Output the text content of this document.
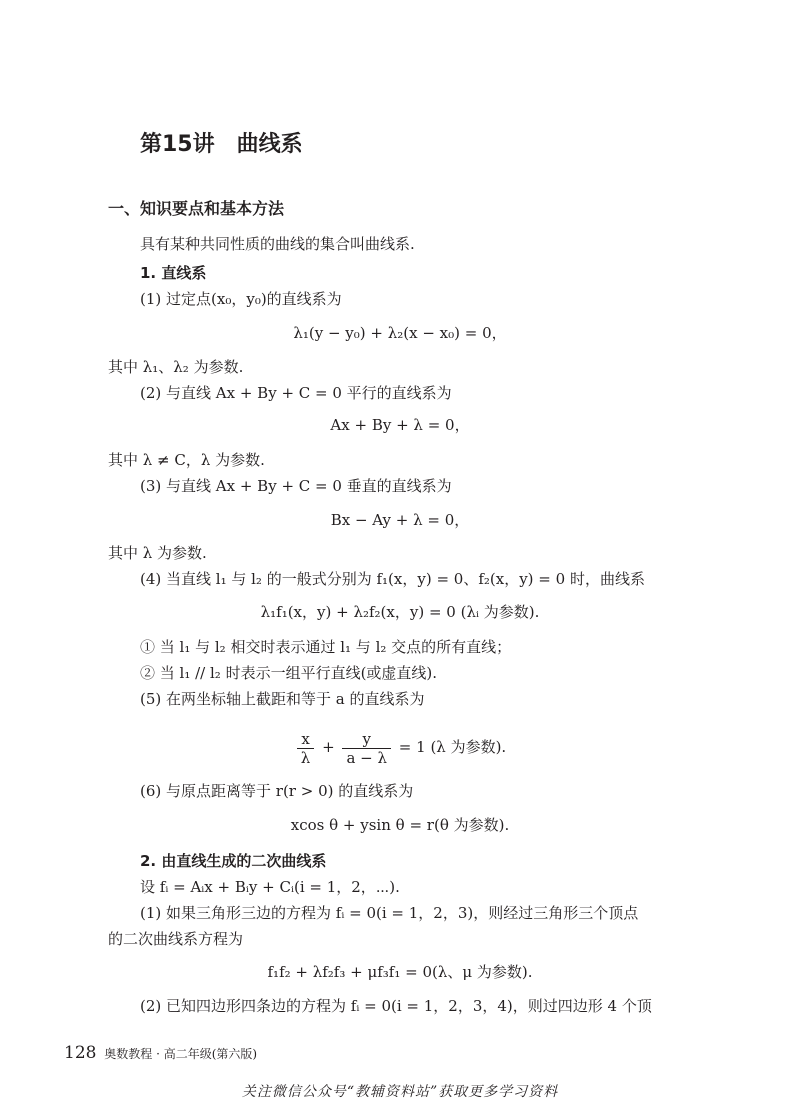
第15讲　曲线系
一、知识要点和基本方法
具有某种共同性质的曲线的集合叫曲线系.
1. 直线系
(1) 过定点(x₀，y₀)的直线系为
λ₁(y − y₀) + λ₂(x − x₀) = 0，
其中 λ₁、λ₂ 为参数.
(2) 与直线 Ax + By + C = 0 平行的直线系为
Ax + By + λ = 0，
其中 λ ≠ C，λ 为参数.
(3) 与直线 Ax + By + C = 0 垂直的直线系为
Bx − Ay + λ = 0，
其中 λ 为参数.
(4) 当直线 l₁ 与 l₂ 的一般式分别为 f₁(x，y) = 0、f₂(x，y) = 0 时，曲线系
λ₁f₁(x，y) + λ₂f₂(x，y) = 0 (λᵢ 为参数).
① 当 l₁ 与 l₂ 相交时表示通过 l₁ 与 l₂ 交点的所有直线；
② 当 l₁ // l₂ 时表示一组平行直线(或虚直线).
(5) 在两坐标轴上截距和等于 a 的直线系为
$\frac{x}{\lambda} + \frac{y}{a - \lambda} = 1$ (λ 为参数).
(6) 与原点距离等于 r(r > 0) 的直线系为
xcos θ + ysin θ = r(θ 为参数).
2. 由直线生成的二次曲线系
设 fᵢ = Aᵢx + Bᵢy + Cᵢ(i = 1，2，⋯).
(1) 如果三角形三边的方程为 fᵢ = 0(i = 1，2，3)，则经过三角形三个顶点
的二次曲线系方程为
f₁f₂ + λf₂f₃ + μf₃f₁ = 0(λ、μ 为参数).
(2) 已知四边形四条边的方程为 fᵢ = 0(i = 1，2，3，4)，则过四边形 4 个顶
128 奥数教程 · 高二年级(第六版)
关注微信公众号“教辅资料站”获取更多学习资料
